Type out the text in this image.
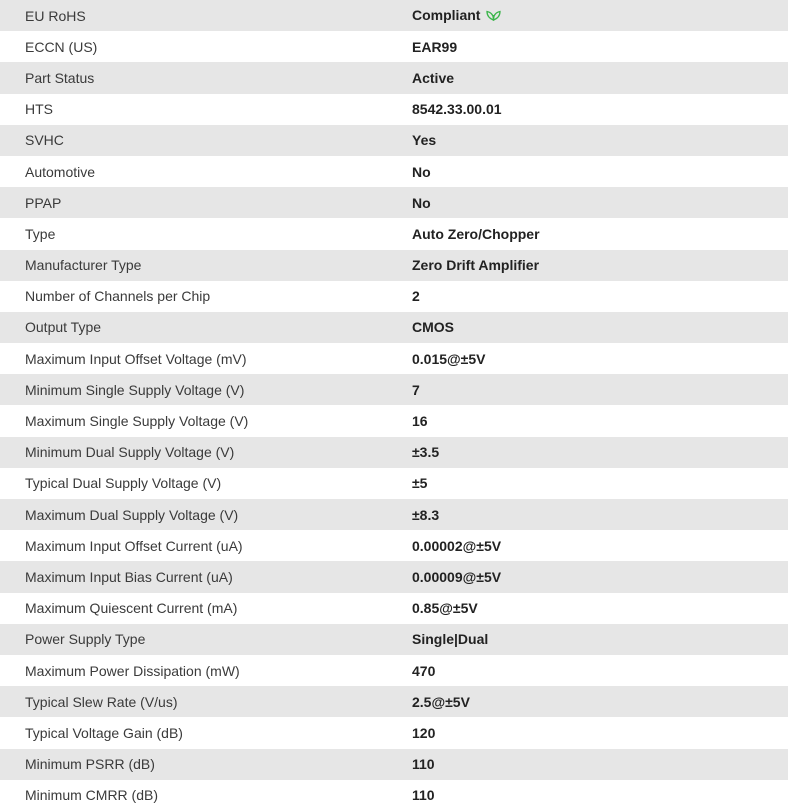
EU RoHS	Compliant
ECCN (US)	EAR99
Part Status	Active
HTS	8542.33.00.01
SVHC	Yes
Automotive	No
PPAP	No
Type	Auto Zero/Chopper
Manufacturer Type	Zero Drift Amplifier
Number of Channels per Chip	2
Output Type	CMOS
Maximum Input Offset Voltage (mV)	0.015@±5V
Minimum Single Supply Voltage (V)	7
Maximum Single Supply Voltage (V)	16
Minimum Dual Supply Voltage (V)	±3.5
Typical Dual Supply Voltage (V)	±5
Maximum Dual Supply Voltage (V)	±8.3
Maximum Input Offset Current (uA)	0.00002@±5V
Maximum Input Bias Current (uA)	0.00009@±5V
Maximum Quiescent Current (mA)	0.85@±5V
Power Supply Type	Single|Dual
Maximum Power Dissipation (mW)	470
Typical Slew Rate (V/us)	2.5@±5V
Typical Voltage Gain (dB)	120
Minimum PSRR (dB)	110
Minimum CMRR (dB)	110
